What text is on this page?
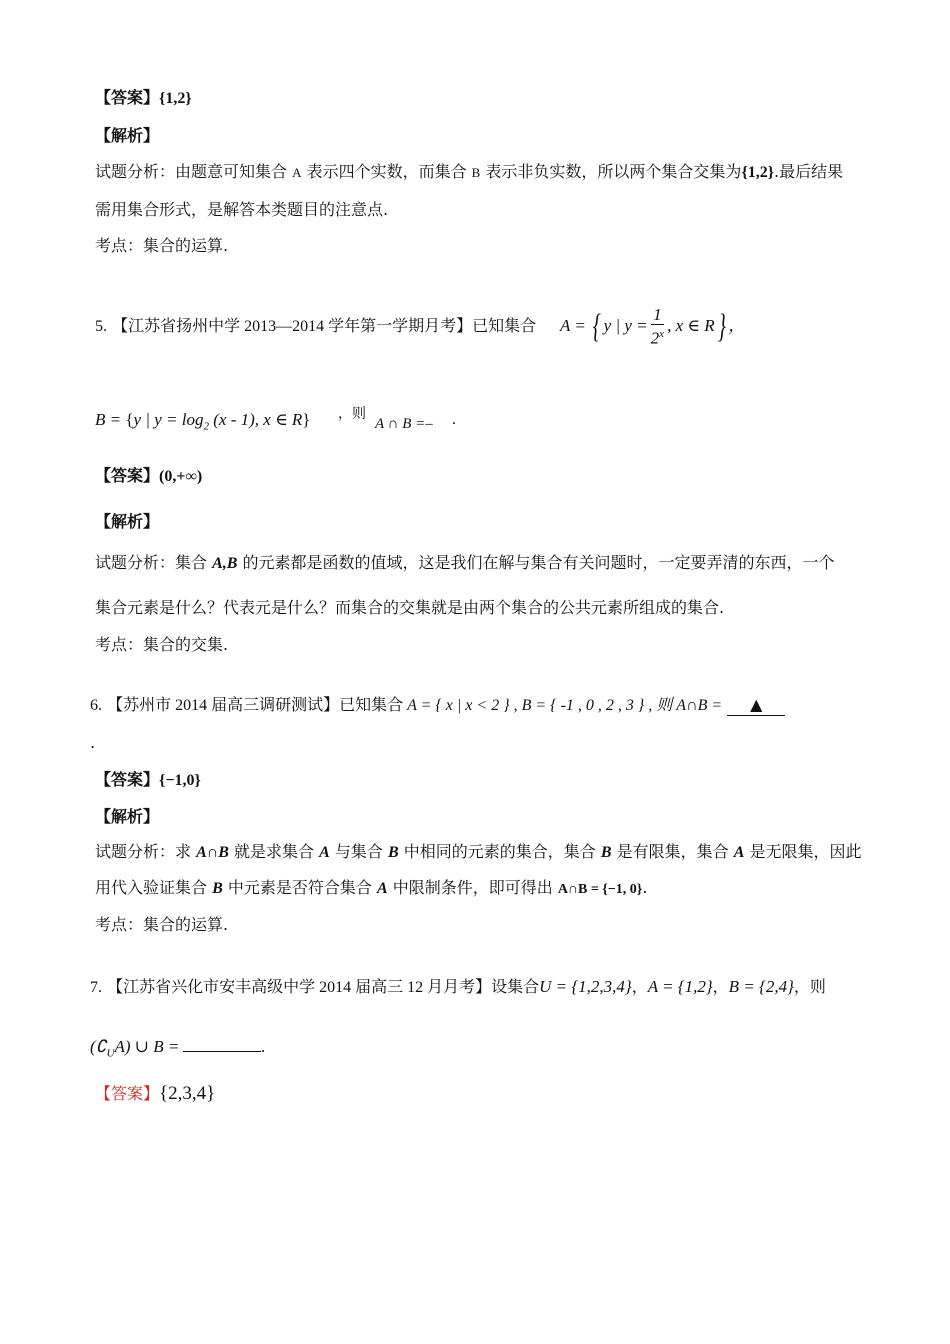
【答案】{1,2}
【解析】
试题分析：由题意可知集合 A 表示四个实数，而集合 B 表示非负实数，所以两个集合交集为{1,2}.最后结果
需用集合形式，是解答本类题目的注意点.
考点：集合的运算.
5. 【江苏省扬州中学 2013—2014 学年第一学期月考】已知集合 A = { y | $y = \frac{1}{2^x}$ , x ∈ R} ，
B = {y | $y = \log_2 (x - 1)$, x ∈ R} ，则
A ∩ B =– .
【答案】(0,+∞)
【解析】
试题分析：集合 A,B 的元素都是函数的值域，这是我们在解与集合有关问题时，一定要弄清的东西，一个
集合元素是什么？代表元是什么？而集合的交集就是由两个集合的公共元素所组成的集合.
考点：集合的交集.
6. 【苏州市 2014 届高三调研测试】已知集合 A = { x | x < 2 } , B = { -1 , 0 , 2 , 3 } , 则 A∩B = ▲
.
【答案】{−1,0}
【解析】
试题分析：求 A∩B 就是求集合 A 与集合 B 中相同的元素的集合，集合 B 是有限集，集合 A 是无限集，因此
用代入验证集合 B 中元素是否符合集合 A 中限制条件，即可得出 A∩B = {−1, 0}.
考点：集合的运算.
7. 【江苏省兴化市安丰高级中学 2014 届高三 12 月月考】设集合U = {1,2,3,4}，A = {1,2}，B = {2,4}，则
$(∁_UA)$ ∪ B =	.
【答案】{2,3,4}
